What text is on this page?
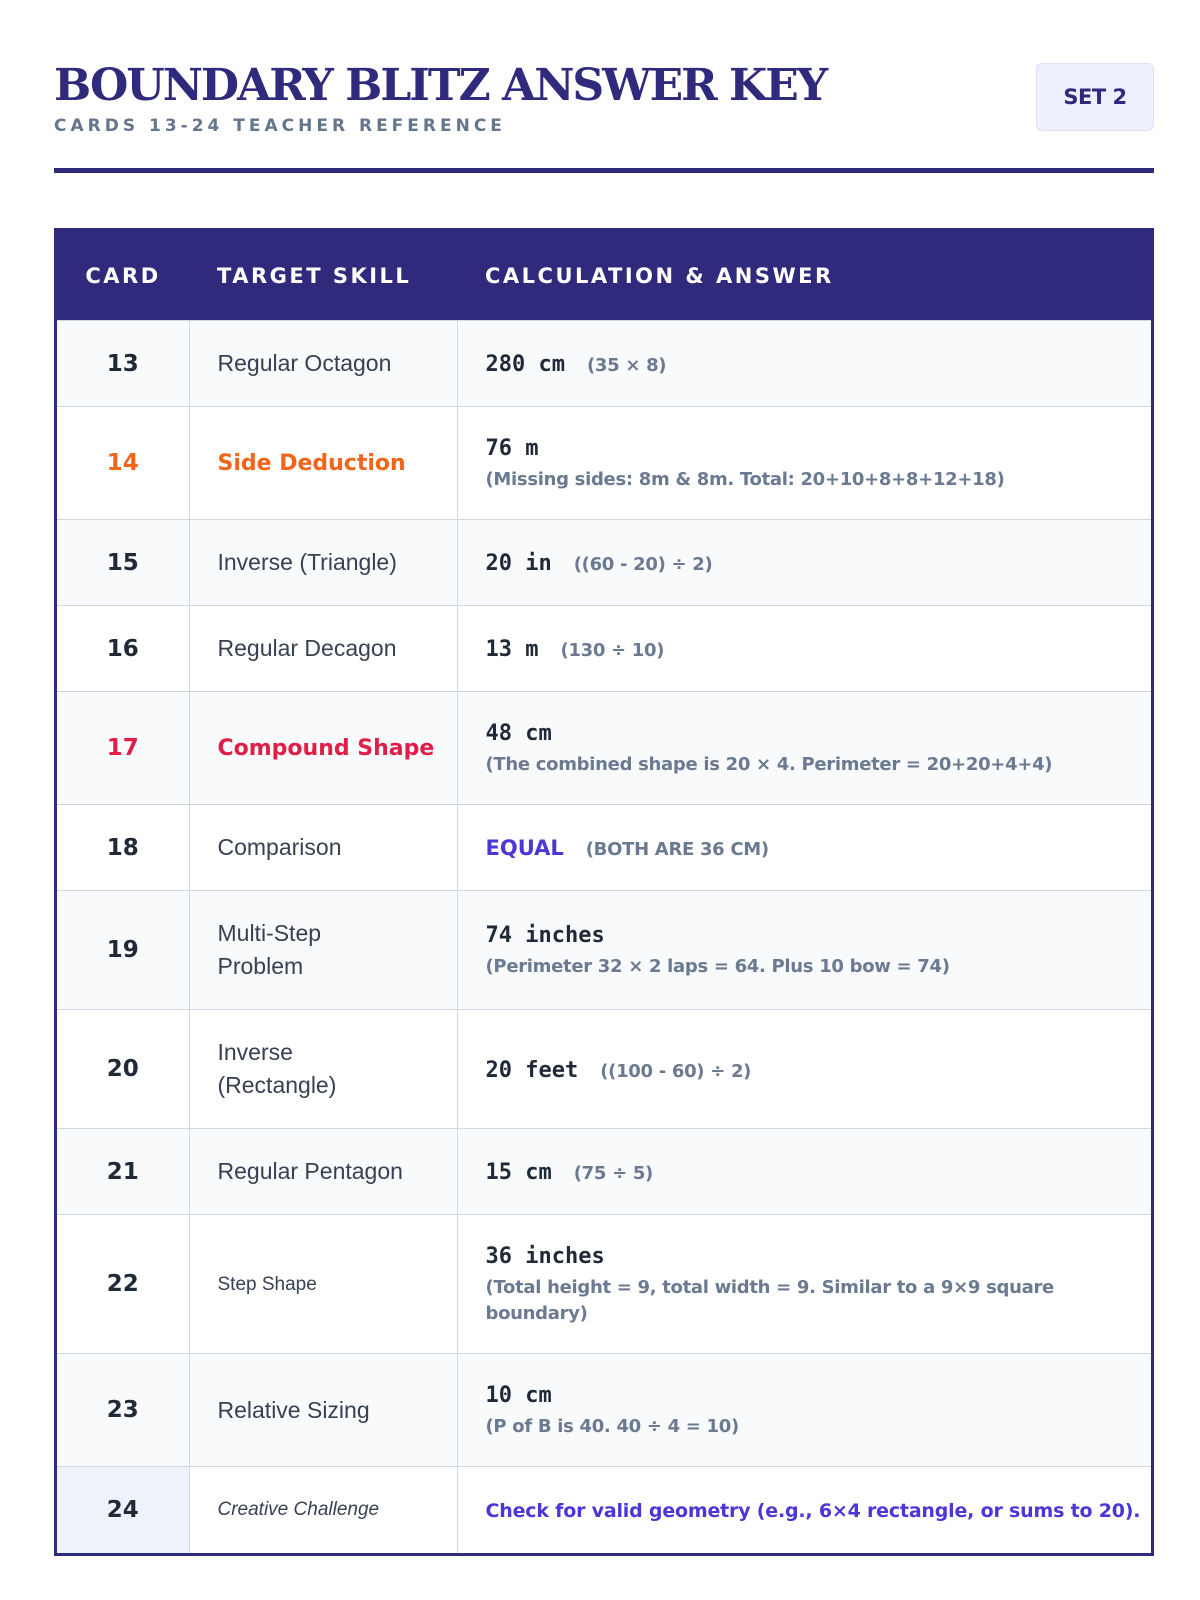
BOUNDARY BLITZ ANSWER KEY
CARDS 13-24 TEACHER REFERENCE
SET 2
CARD	TARGET SKILL	CALCULATION & ANSWER
13	Regular Octagon	280 cm (35 × 8)
14	Side Deduction	76 m
(Missing sides: 8m & 8m. Total: 20+10+8+8+12+18)

15	Inverse (Triangle)	20 in ((60 - 20) ÷ 2)
16	Regular Decagon	13 m (130 ÷ 10)
17	Compound Shape	48 cm
(The combined shape is 20 × 4. Perimeter = 20+20+4+4)

18	Comparison	EQUAL (BOTH ARE 36 CM)
19	Multi-Step Problem	74 inches
(Perimeter 32 × 2 laps = 64. Plus 10 bow = 74)

20	Inverse (Rectangle)	20 feet ((100 - 60) ÷ 2)
21	Regular Pentagon	15 cm (75 ÷ 5)
22	Step Shape	36 inches
(Total height = 9, total width = 9. Similar to a 9×9 square boundary)

23	Relative Sizing	10 cm
(P of B is 40. 40 ÷ 4 = 10)

24	Creative Challenge	Check for valid geometry (e.g., 6×4 rectangle, or sums to 20).
